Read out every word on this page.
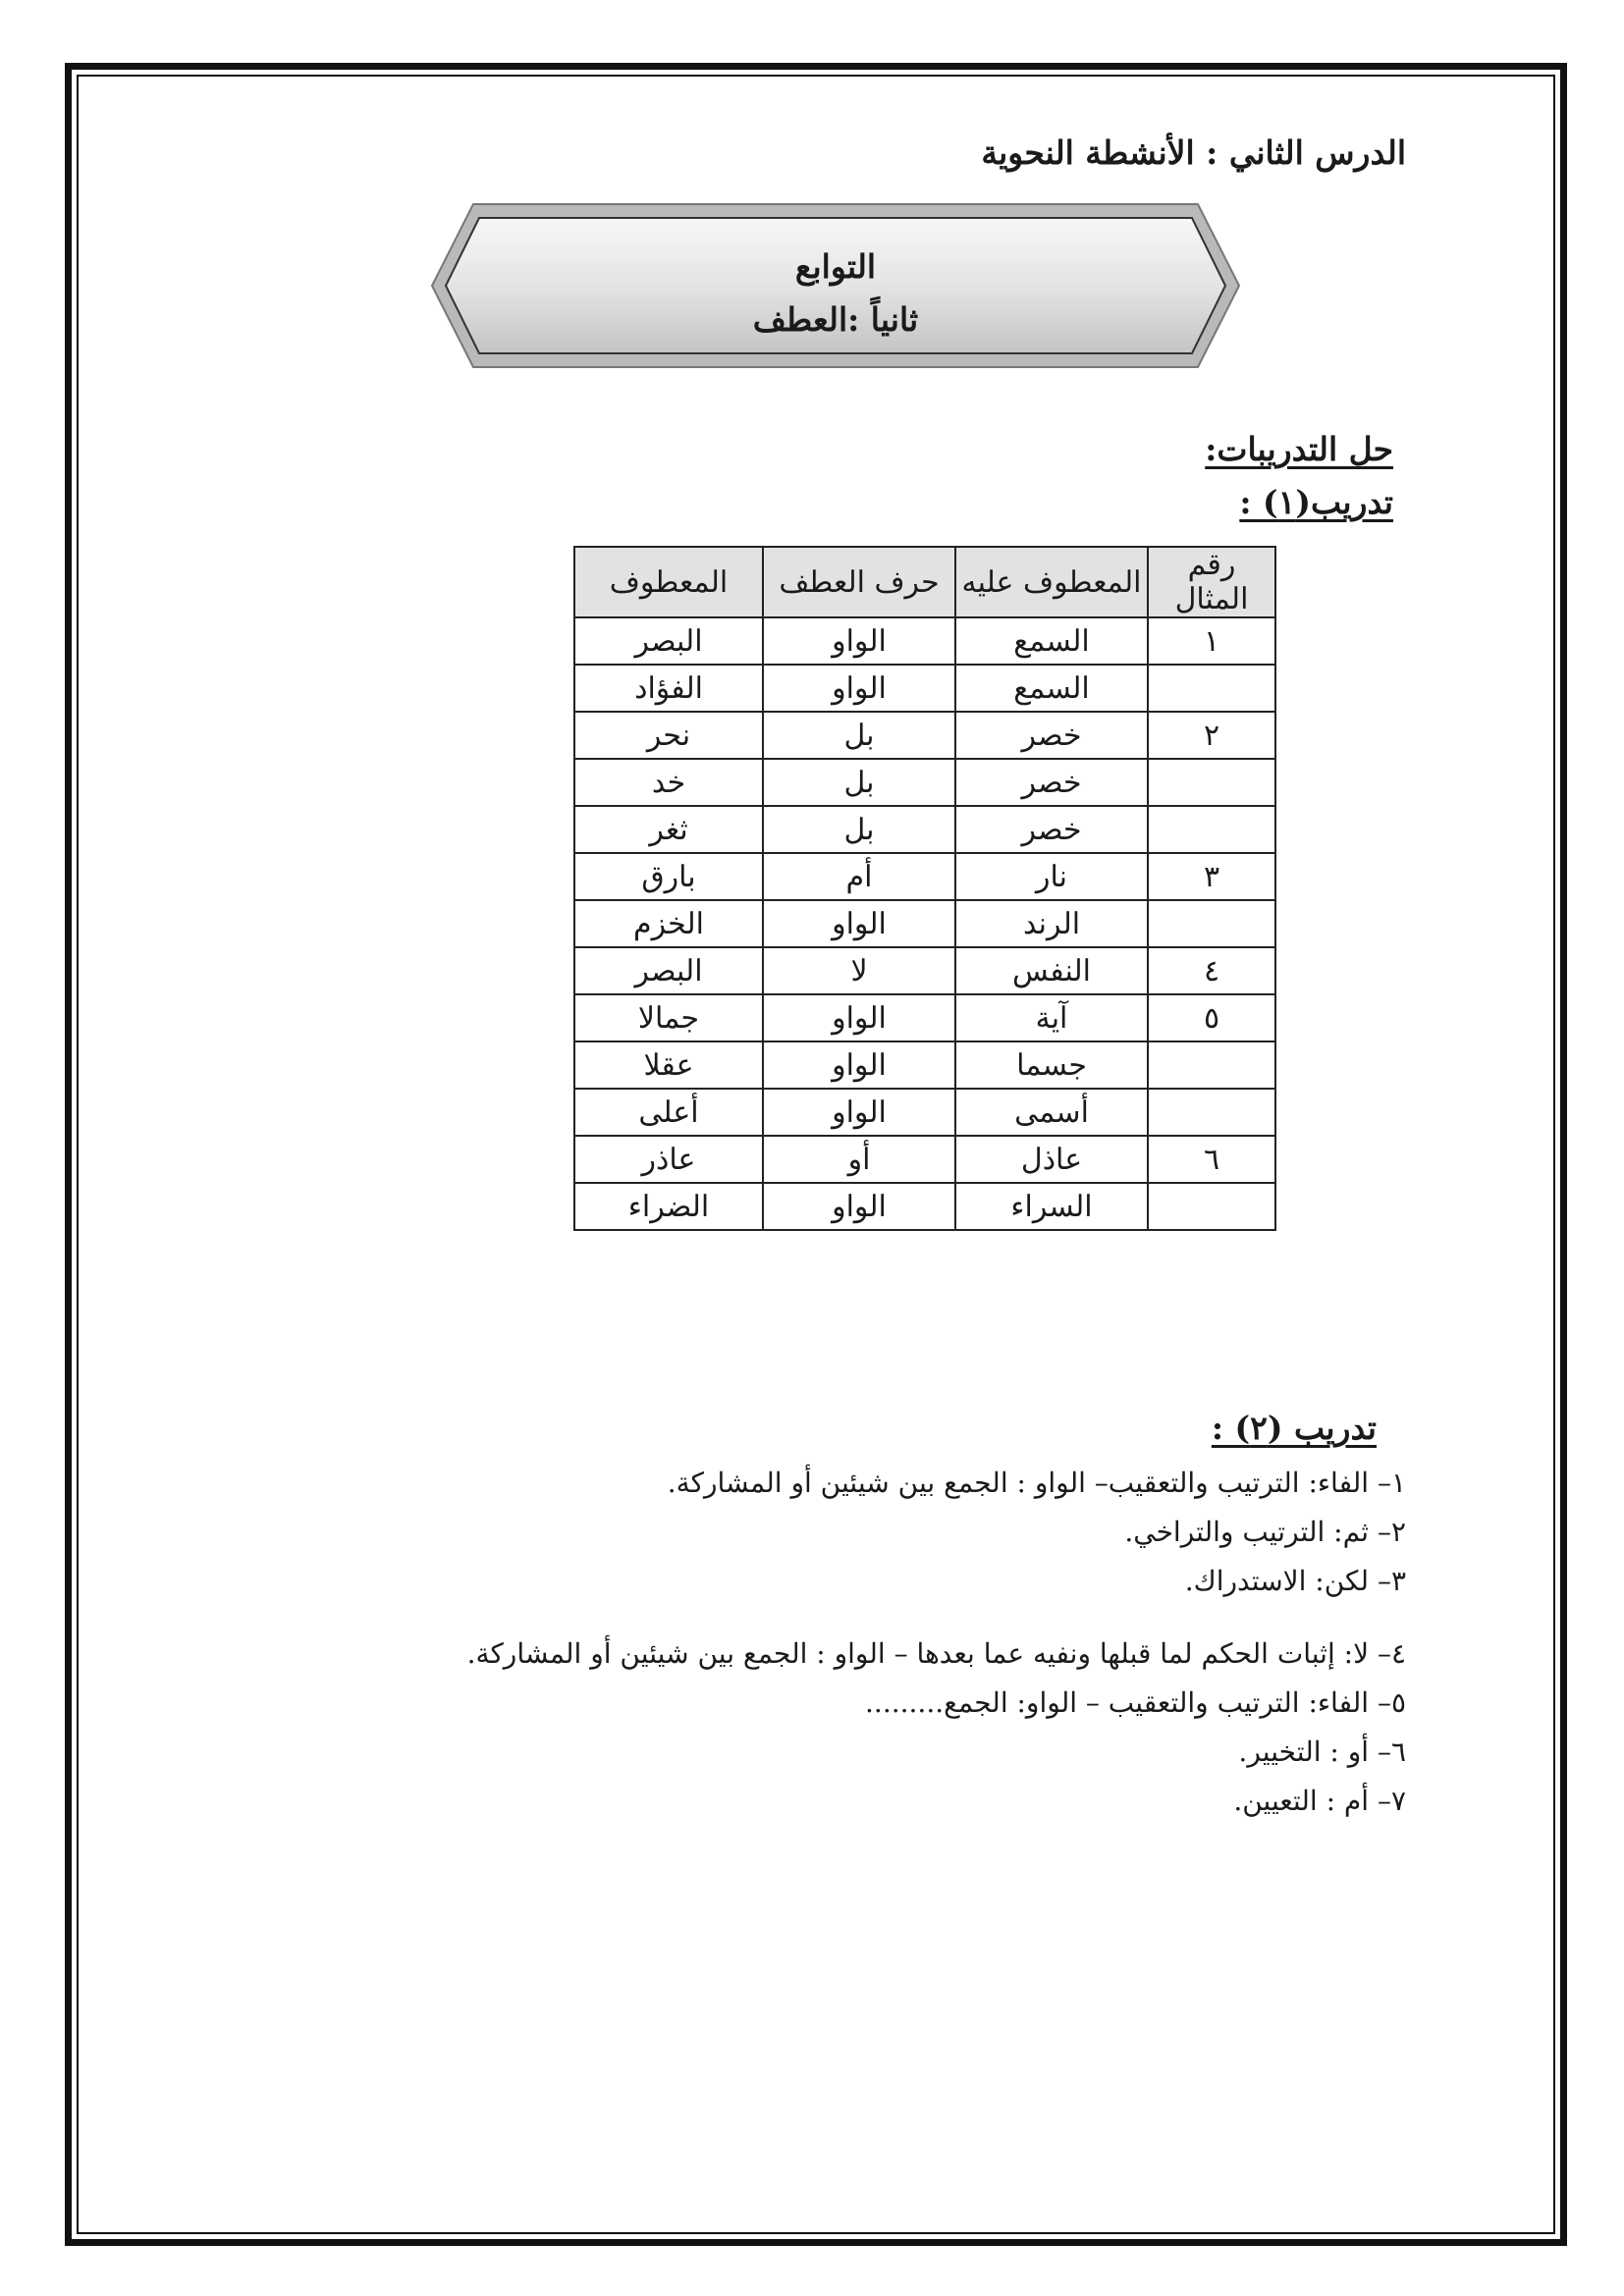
الدرس الثاني : الأنشطة النحوية
التوابع
ثانياً :العطف
حل التدريبات:
تدريب(١) :
رقم المثال	المعطوف عليه	حرف العطف	المعطوف
١	السمع	الواو	البصر
	السمع	الواو	الفؤاد
٢	خصر	بل	نحر
	خصر	بل	خد
	خصر	بل	ثغر
٣	نار	أم	بارق
	الرند	الواو	الخزم
٤	النفس	لا	البصر
٥	آية	الواو	جمالا
	جسما	الواو	عقلا
	أسمى	الواو	أعلى
٦	عاذل	أو	عاذر
	السراء	الواو	الضراء
تدريب (٢) :
١– الفاء: الترتيب والتعقيب– الواو : الجمع بين شيئين أو المشاركة.
٢– ثم: الترتيب والتراخي.
٣– لكن: الاستدراك.
٤– لا: إثبات الحكم لما قبلها ونفيه عما بعدها – الواو : الجمع بين شيئين أو المشاركة.
٥– الفاء: الترتيب والتعقيب – الواو: الجمع.........
٦– أو : التخيير.
٧– أم : التعيين.
